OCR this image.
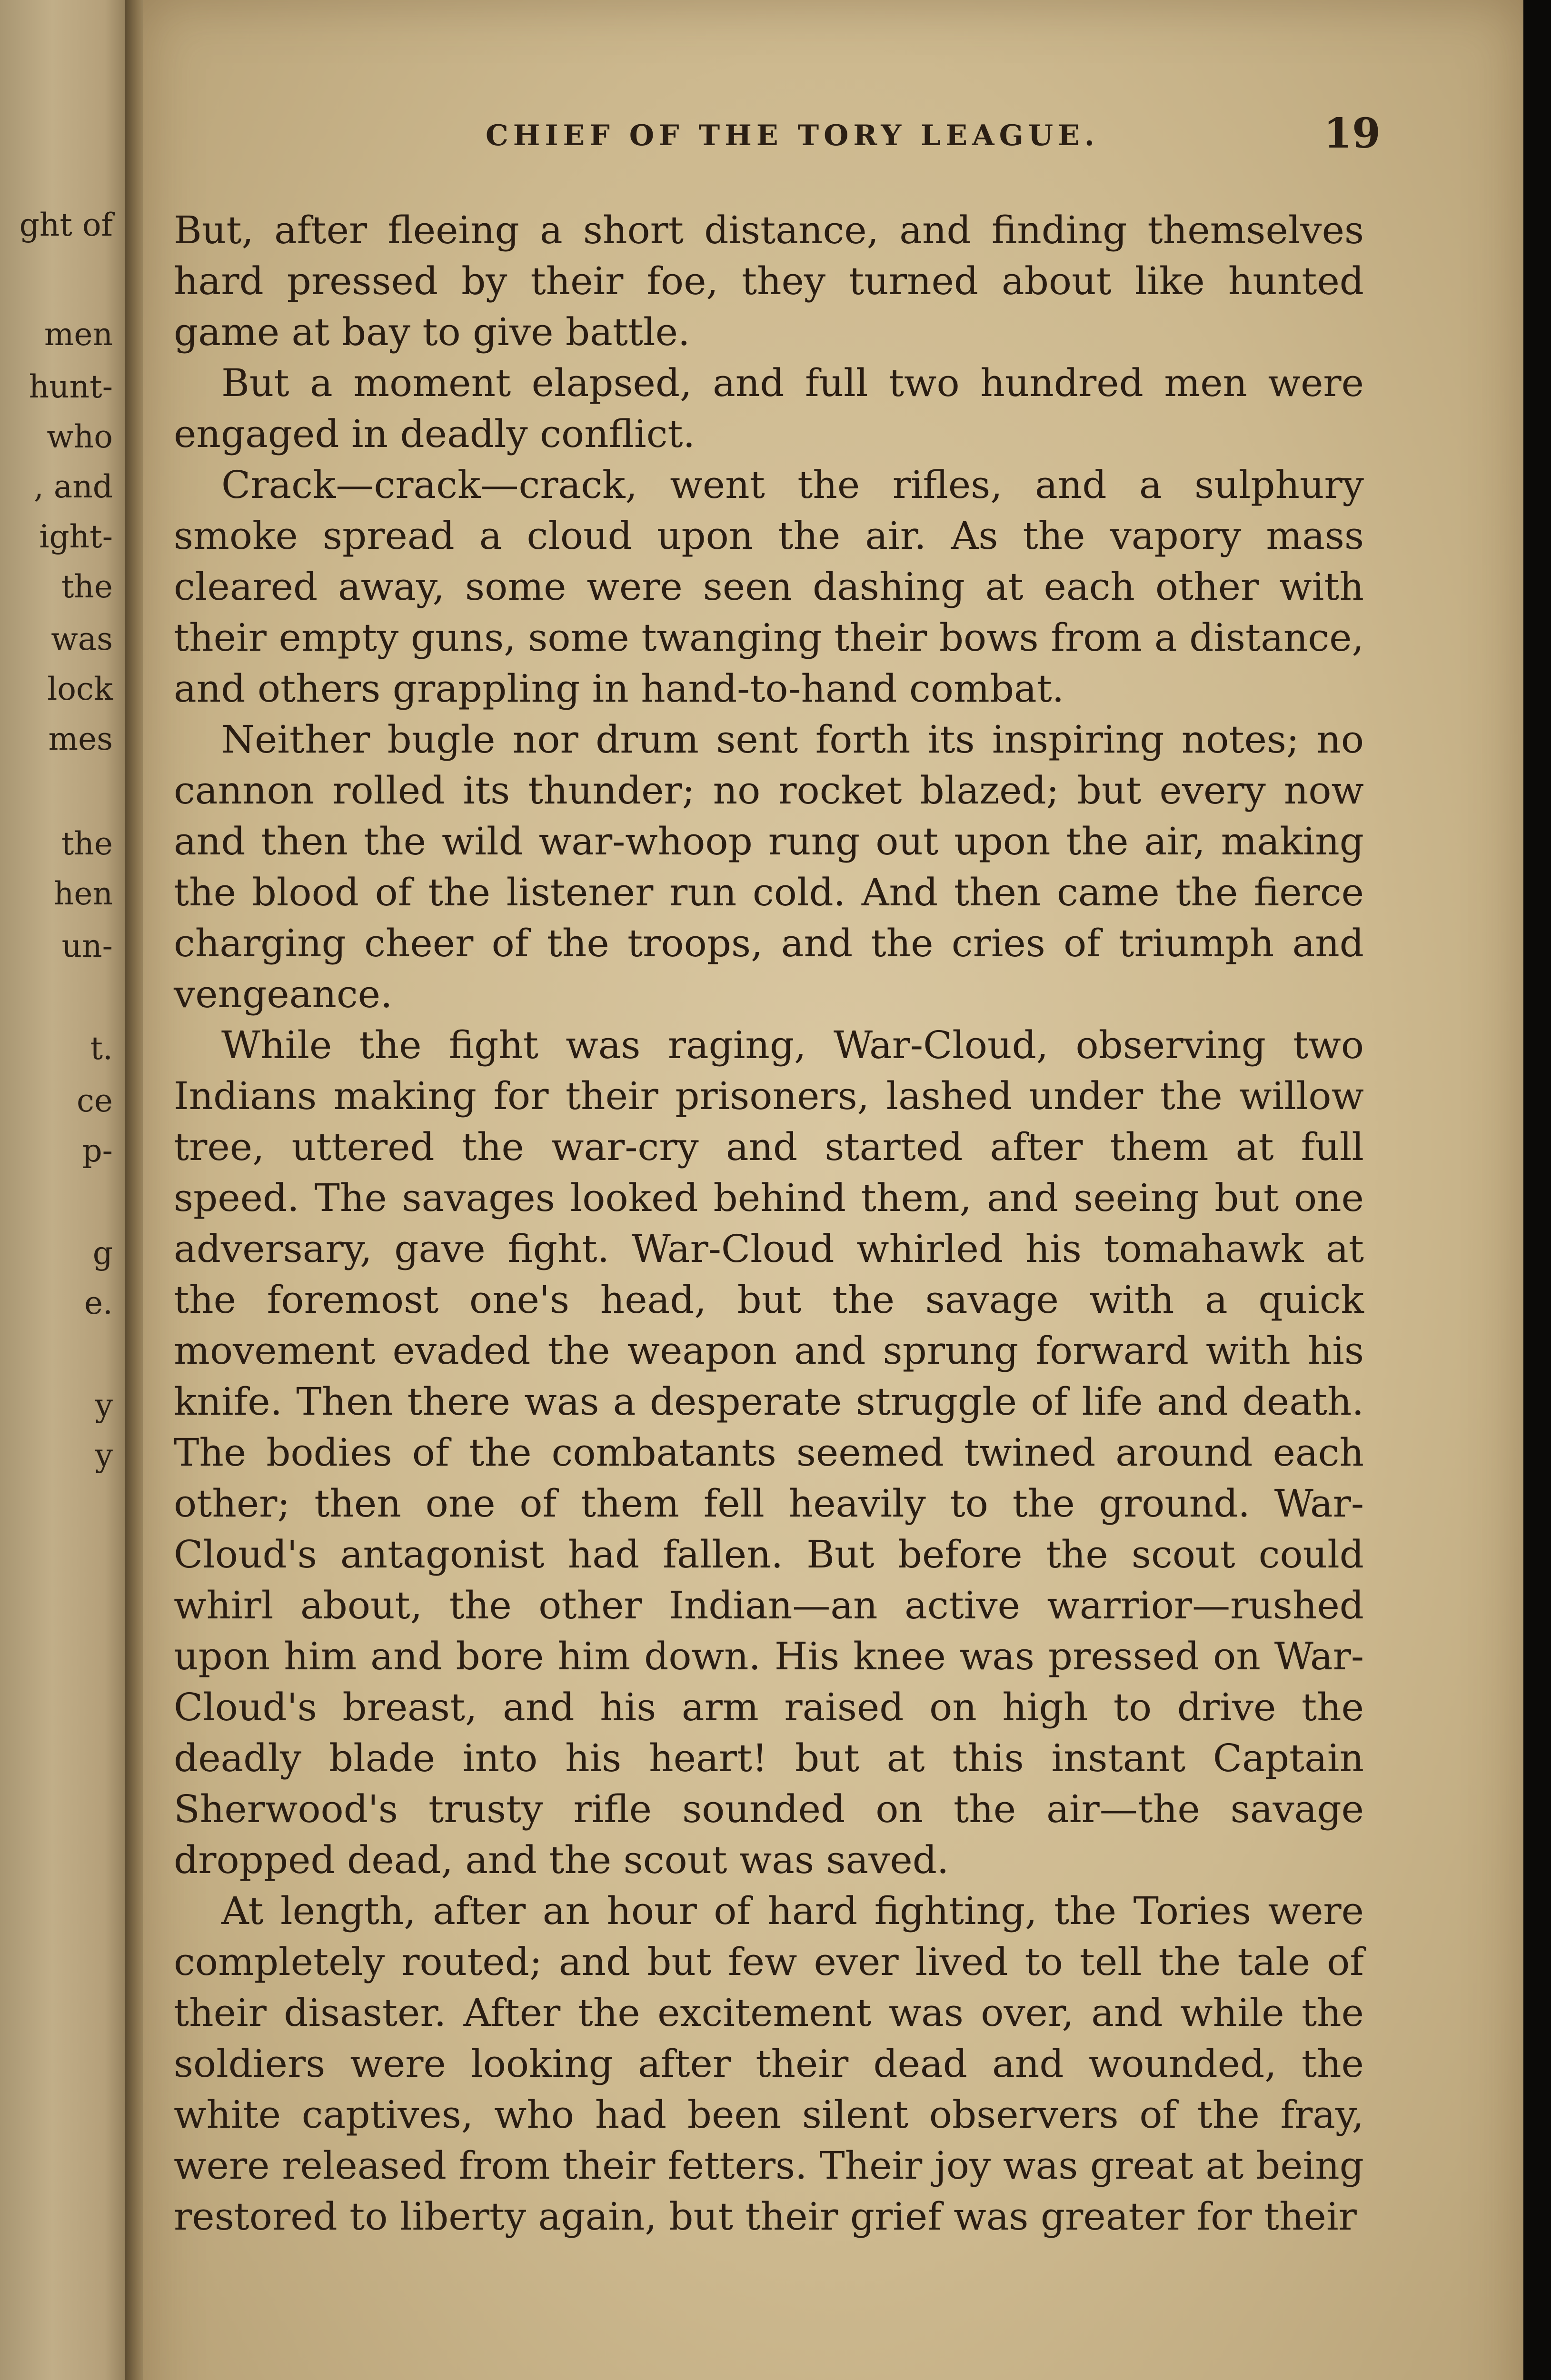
ght of

men

hunt-

who

, and

ight-

the

was

lock

mes

the

hen

un-

t.

ce

p-

g

e.

y

y

CHIEF OF THE TORY LEAGUE.	19

But, after fleeing a short distance, and finding themselves hard pressed by their foe, they turned about like hunted game at bay to give battle.

But a moment elapsed, and full two hundred men were engaged in deadly conflict.

Crack—crack—crack, went the rifles, and a sulphury smoke spread a cloud upon the air. As the vapory mass cleared away, some were seen dashing at each other with their empty guns, some twanging their bows from a distance, and others grappling in hand-to-hand combat.

Neither bugle nor drum sent forth its inspiring notes; no cannon rolled its thunder; no rocket blazed; but every now and then the wild war-whoop rung out upon the air, making the blood of the listener run cold. And then came the fierce charging cheer of the troops, and the cries of triumph and vengeance.

While the fight was raging, War-Cloud, observing two Indians making for their prisoners, lashed under the willow tree, uttered the war-cry and started after them at full speed. The savages looked behind them, and seeing but one adversary, gave fight. War-Cloud whirled his tomahawk at the foremost one's head, but the savage with a quick movement evaded the weapon and sprung forward with his knife. Then there was a desperate struggle of life and death. The bodies of the combatants seemed twined around each other; then one of them fell heavily to the ground. War-Cloud's antagonist had fallen. But before the scout could whirl about, the other Indian—an active warrior—rushed upon him and bore him down. His knee was pressed on War-Cloud's breast, and his arm raised on high to drive the deadly blade into his heart! but at this instant Captain Sherwood's trusty rifle sounded on the air—the savage dropped dead, and the scout was saved.

At length, after an hour of hard fighting, the Tories were completely routed; and but few ever lived to tell the tale of their disaster. After the excitement was over, and while the soldiers were looking after their dead and wounded, the white captives, who had been silent observers of the fray, were released from their fetters. Their joy was great at being restored to liberty again, but their grief was greater for their
